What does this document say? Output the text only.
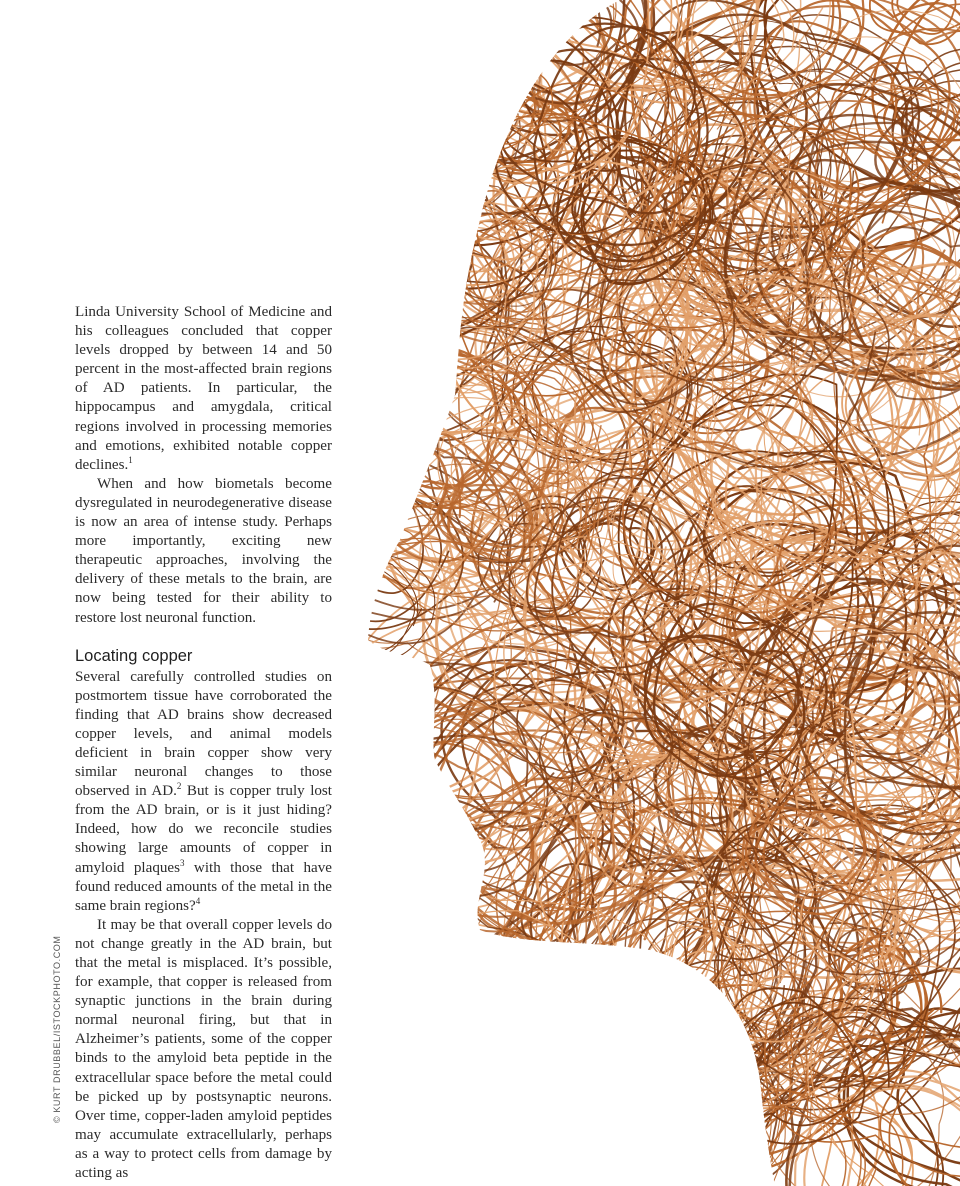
Linda University School of Medicine and his colleagues concluded that copper levels dropped by between 14 and 50 percent in the most-affected brain regions of AD patients. In particular, the hippocampus and amygdala, critical regions involved in processing memories and emotions, exhibited notable copper declines.$^1$

When and how biometals become dysregulated in neurodegenerative disease is now an area of intense study. Perhaps more importantly, exciting new therapeutic approaches, involving the delivery of these metals to the brain, are now being tested for their ability to restore lost neuronal function.

Locating copper

Several carefully controlled studies on postmortem tissue have corroborated the finding that AD brains show decreased copper levels, and animal models deficient in brain copper show very similar neuronal changes to those observed in AD.$^2$ But is copper truly lost from the AD brain, or is it just hiding? Indeed, how do we reconcile studies showing large amounts of copper in amyloid plaques$^3$ with those that have found reduced amounts of the metal in the same brain regions?$^4$

It may be that overall copper levels do not change greatly in the AD brain, but that the metal is misplaced. It’s possible, for example, that copper is released from synaptic junctions in the brain during normal neuronal firing, but that in Alzheimer’s patients, some of the copper binds to the amyloid beta peptide in the extracellular space before the metal could be picked up by postsynaptic neurons. Over time, copper-laden amyloid peptides may accumulate extracellularly, perhaps as a way to protect cells from damage by acting as

© KURT DRUBBEL/ISTOCKPHOTO.COM
